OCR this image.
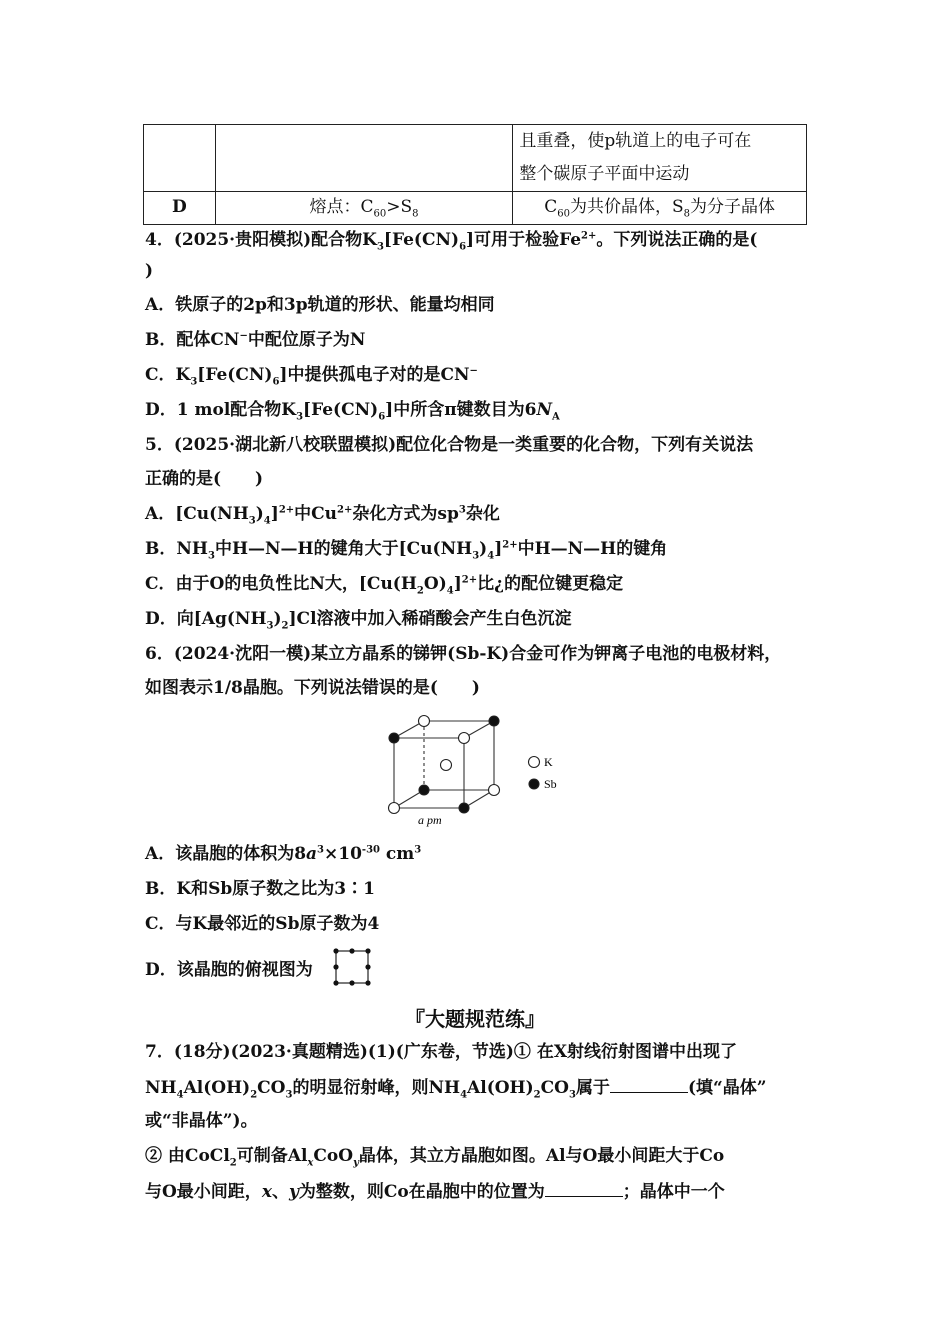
		且重叠，使p轨道上的电子可在
整个碳原子平面中运动
D	熔点：$C_{60}>S_8$	$C_{60}$为共价晶体，$S_8$为分子晶体
4．(2025·贵阳模拟)配合物$K_3[Fe(CN)_6]$可用于检验$Fe^{2+}$。下列说法正确的是(
)
A．铁原子的2p和3p轨道的形状、能量均相同
B．配体CN−中配位原子为N
C．$K_3[Fe(CN)_6]$中提供孤电子对的是CN−
D．1 mol配合物$K_3[Fe(CN)_6]$中所含π键数目为$6N_A$
5．(2025·湖北新八校联盟模拟)配位化合物是一类重要的化合物，下列有关说法
正确的是(　　)
A．$[Cu(NH_3)_4]^{2+}$中$Cu^{2+}$杂化方式为$sp^3$杂化
B．$NH_3$中H—N—H的键角大于$[Cu(NH_3)_4]^{2+}$中H—N—H的键角
C．由于O的电负性比N大，$[Cu(H_2O)_4]^{2+}$比¿的配位键更稳定
D．向$[Ag(NH_3)_2]Cl$溶液中加入稀硝酸会产生白色沉淀
6．(2024·沈阳一模)某立方晶系的锑钾(Sb-K)合金可作为钾离子电池的电极材料，
如图表示1/8晶胞。下列说法错误的是(　　)
K
Sb
a pm
A．该晶胞的体积为$8a^3\times 10^{-30}$ $cm^3$
B．K和Sb原子数之比为3∶1
C．与K最邻近的Sb原子数为4
D．该晶胞的俯视图为
『大题规范练』
7．(18分)(2023·真题精选)(1)(广东卷，节选)① 在X射线衍射图谱中出现了
$NH_4Al(OH)_2CO_3$的明显衍射峰，则$NH_4Al(OH)_2CO_3$属于	(填“晶体”
或“非晶体”)。
② 由CoCl$_2$可制备$Al_xCoO_y$晶体，其立方晶胞如图。Al与O最小间距大于Co
与O最小间距，x、y为整数，则Co在晶胞中的位置为	；晶体中一个
